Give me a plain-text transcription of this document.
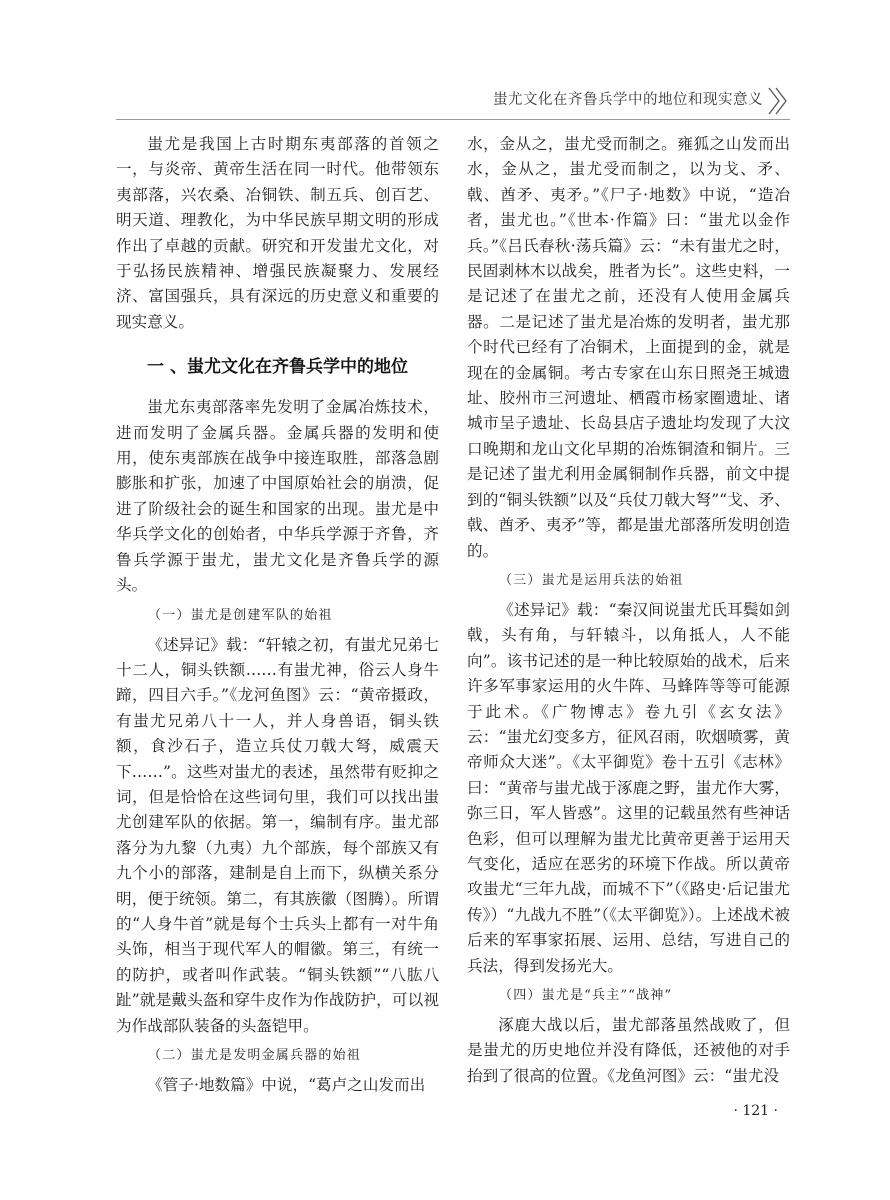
蚩尤文化在齐鲁兵学中的地位和现实意义

蚩尤是我国上古时期东夷部落的首领之一，与炎帝、黄帝生活在同一时代。他带领东夷部落，兴农桑、冶铜铁、制五兵、创百艺、明天道、理教化，为中华民族早期文明的形成作出了卓越的贡献。研究和开发蚩尤文化，对于弘扬民族精神、增强民族凝聚力、发展经济、富国强兵，具有深远的历史意义和重要的现实意义。

一 、蚩尤文化在齐鲁兵学中的地位

蚩尤东夷部落率先发明了金属冶炼技术，进而发明了金属兵器。金属兵器的发明和使用，使东夷部族在战争中接连取胜，部落急剧膨胀和扩张，加速了中国原始社会的崩溃，促进了阶级社会的诞生和国家的出现。蚩尤是中华兵学文化的创始者，中华兵学源于齐鲁，齐鲁兵学源于蚩尤，蚩尤文化是齐鲁兵学的源头。

（一）蚩尤是创建军队的始祖

《述异记》载：“轩辕之初，有蚩尤兄弟七十二人，铜头铁额……有蚩尤神，俗云人身牛蹄，四目六手。”《龙河鱼图》云：“黄帝摄政，有蚩尤兄弟八十一人，并人身兽语，铜头铁额，食沙石子，造立兵仗刀戟大弩，威震天下……”。这些对蚩尤的表述，虽然带有贬抑之词，但是恰恰在这些词句里，我们可以找出蚩尤创建军队的依据。第一，编制有序。蚩尤部落分为九黎（九夷）九个部族，每个部族又有九个小的部落，建制是自上而下，纵横关系分明，便于统领。第二，有其族徽（图腾）。所谓的“人身牛首”就是每个士兵头上都有一对牛角头饰，相当于现代军人的帽徽。第三，有统一的防护，或者叫作武装。“铜头铁额”“八肱八趾”就是戴头盔和穿牛皮作为作战防护，可以视为作战部队装备的头盔铠甲。

（二）蚩尤是发明金属兵器的始祖

《管子·地数篇》中说，“葛卢之山发而出

水，金从之，蚩尤受而制之。雍狐之山发而出水，金从之，蚩尤受而制之，以为戈、矛、戟、酋矛、夷矛。”《尸子·地数》中说，“造冶者，蚩尤也。”《世本·作篇》曰：“蚩尤以金作兵。”《吕氏春秋·荡兵篇》云：“未有蚩尤之时，民固剥林木以战矣，胜者为长”。这些史料，一是记述了在蚩尤之前，还没有人使用金属兵器。二是记述了蚩尤是冶炼的发明者，蚩尤那个时代已经有了冶铜术，上面提到的金，就是现在的金属铜。考古专家在山东日照尧王城遗址、胶州市三河遗址、栖霞市杨家圈遗址、诸城市呈子遗址、长岛县店子遗址均发现了大汶口晚期和龙山文化早期的冶炼铜渣和铜片。三是记述了蚩尤利用金属铜制作兵器，前文中提到的“铜头铁额”以及“兵仗刀戟大弩”“戈、矛、戟、酋矛、夷矛”等，都是蚩尤部落所发明创造的。

（三）蚩尤是运用兵法的始祖

《述异记》载：“秦汉间说蚩尤氏耳鬓如剑戟，头有角，与轩辕斗，以角抵人，人不能向”。该书记述的是一种比较原始的战术，后来许多军事家运用的火牛阵、马蜂阵等等可能源于此术。《广物博志》卷九引《玄女法》云：“蚩尤幻变多方，征风召雨，吹烟喷雾，黄帝师众大迷”。《太平御览》卷十五引《志林》曰：“黄帝与蚩尤战于涿鹿之野，蚩尤作大雾，弥三日，军人皆惑”。这里的记载虽然有些神话色彩，但可以理解为蚩尤比黄帝更善于运用天气变化，适应在恶劣的环境下作战。所以黄帝攻蚩尤“三年九战，而城不下”（《路史·后记蚩尤传》）“九战九不胜”（《太平御览》）。上述战术被后来的军事家拓展、运用、总结，写进自己的兵法，得到发扬光大。

（四）蚩尤是“兵主”“战神”

涿鹿大战以后，蚩尤部落虽然战败了，但是蚩尤的历史地位并没有降低，还被他的对手抬到了很高的位置。《龙鱼河图》云：“蚩尤没

· 121 ·
